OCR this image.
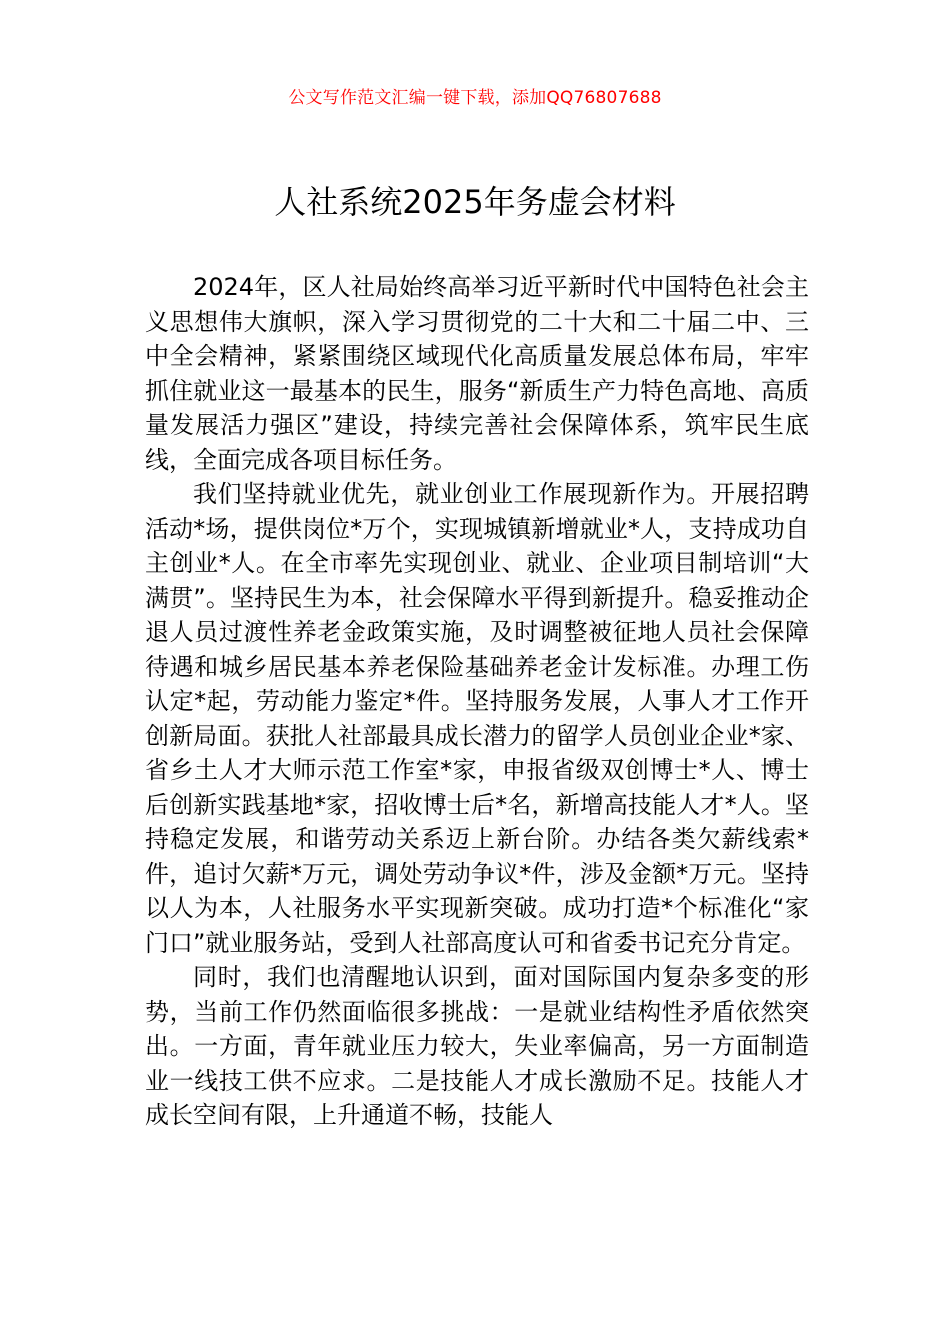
公文写作范文汇编一键下载，添加QQ76807688
人社系统2025年务虚会材料

2024年，区人社局始终高举习近平新时代中国特色社会主义思想伟大旗帜，深入学习贯彻党的二十大和二十届二中、三中全会精神，紧紧围绕区域现代化高质量发展总体布局，牢牢抓住就业这一最基本的民生，服务“新质生产力特色高地、高质量发展活力强区”建设，持续完善社会保障体系，筑牢民生底线，全面完成各项目标任务。

我们坚持就业优先，就业创业工作展现新作为。开展招聘活动*场，提供岗位*万个，实现城镇新增就业*人，支持成功自主创业*人。在全市率先实现创业、就业、企业项目制培训“大满贯”。坚持民生为本，社会保障水平得到新提升。稳妥推动企退人员过渡性养老金政策实施，及时调整被征地人员社会保障待遇和城乡居民基本养老保险基础养老金计发标准。办理工伤认定*起，劳动能力鉴定*件。坚持服务发展，人事人才工作开创新局面。获批人社部最具成长潜力的留学人员创业企业*家、省乡土人才大师示范工作室*家，申报省级双创博士*人、博士后创新实践基地*家，招收博士后*名，新增高技能人才*人。坚持稳定发展，和谐劳动关系迈上新台阶。办结各类欠薪线索*件，追讨欠薪*万元，调处劳动争议*件，涉及金额*万元。坚持以人为本，人社服务水平实现新突破。成功打造*个标准化“家门口”就业服务站，受到人社部高度认可和省委书记充分肯定。

同时，我们也清醒地认识到，面对国际国内复杂多变的形势，当前工作仍然面临很多挑战：一是就业结构性矛盾依然突出。一方面，青年就业压力较大，失业率偏高，另一方面制造业一线技工供不应求。二是技能人才成长激励不足。技能人才成长空间有限，上升通道不畅，技能人
